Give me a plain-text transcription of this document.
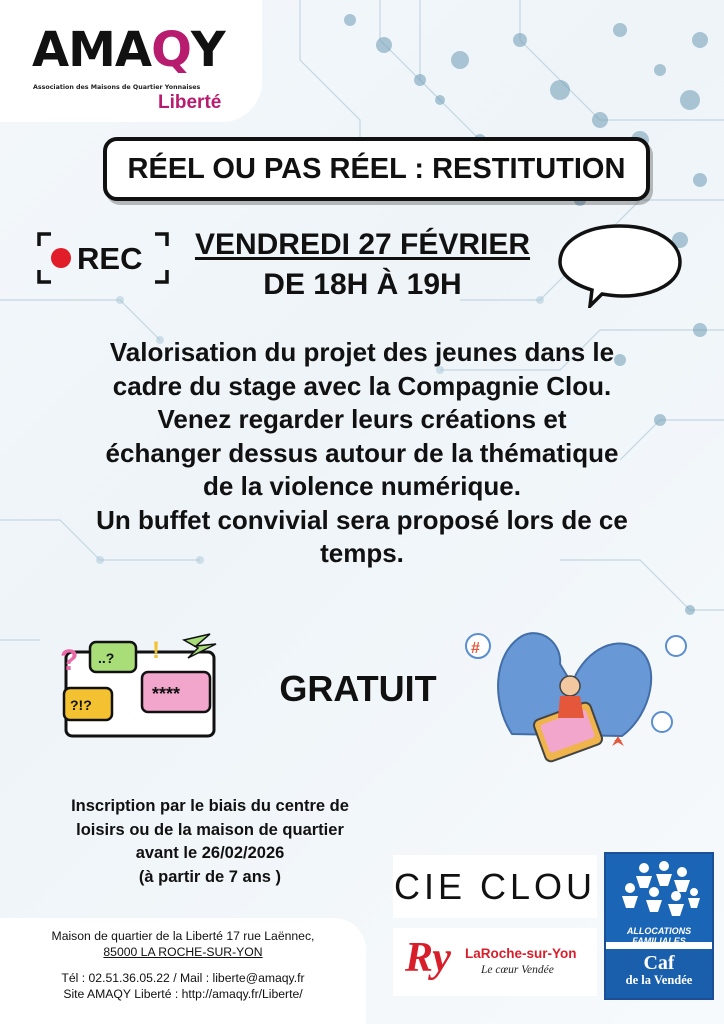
AMAQY
Association des Maisons de Quartier Yonnaises
Liberté
RÉEL OU PAS RÉEL : RESTITUTION
REC	VENDREDI 27 FÉVRIER
DE 18H À 19H
Valorisation du projet des jeunes dans le
cadre du stage avec la Compagnie Clou.
Venez regarder leurs créations et
échanger dessus autour de la thématique
de la violence numérique.
Un buffet convivial sera proposé lors de ce
temps.
? ..? !
?!?
****	GRATUIT
#
Inscription par le biais du centre de
loisirs ou de la maison de quartier
avant le 26/02/2026
(à partir de 7 ans )
Maison de quartier de la Liberté 17 rue Laënnec,
85000 LA ROCHE-SUR-YON
Tél : 02.51.36.05.22 / Mail : liberte@amaqy.fr
Site AMAQY Liberté : http://amaqy.fr/Liberte/
CIE CLOU
Ry LaRoche-sur-Yon
Le cœur Vendée
ALLOCATIONS FAMILIALES
Caf
de la Vendée
